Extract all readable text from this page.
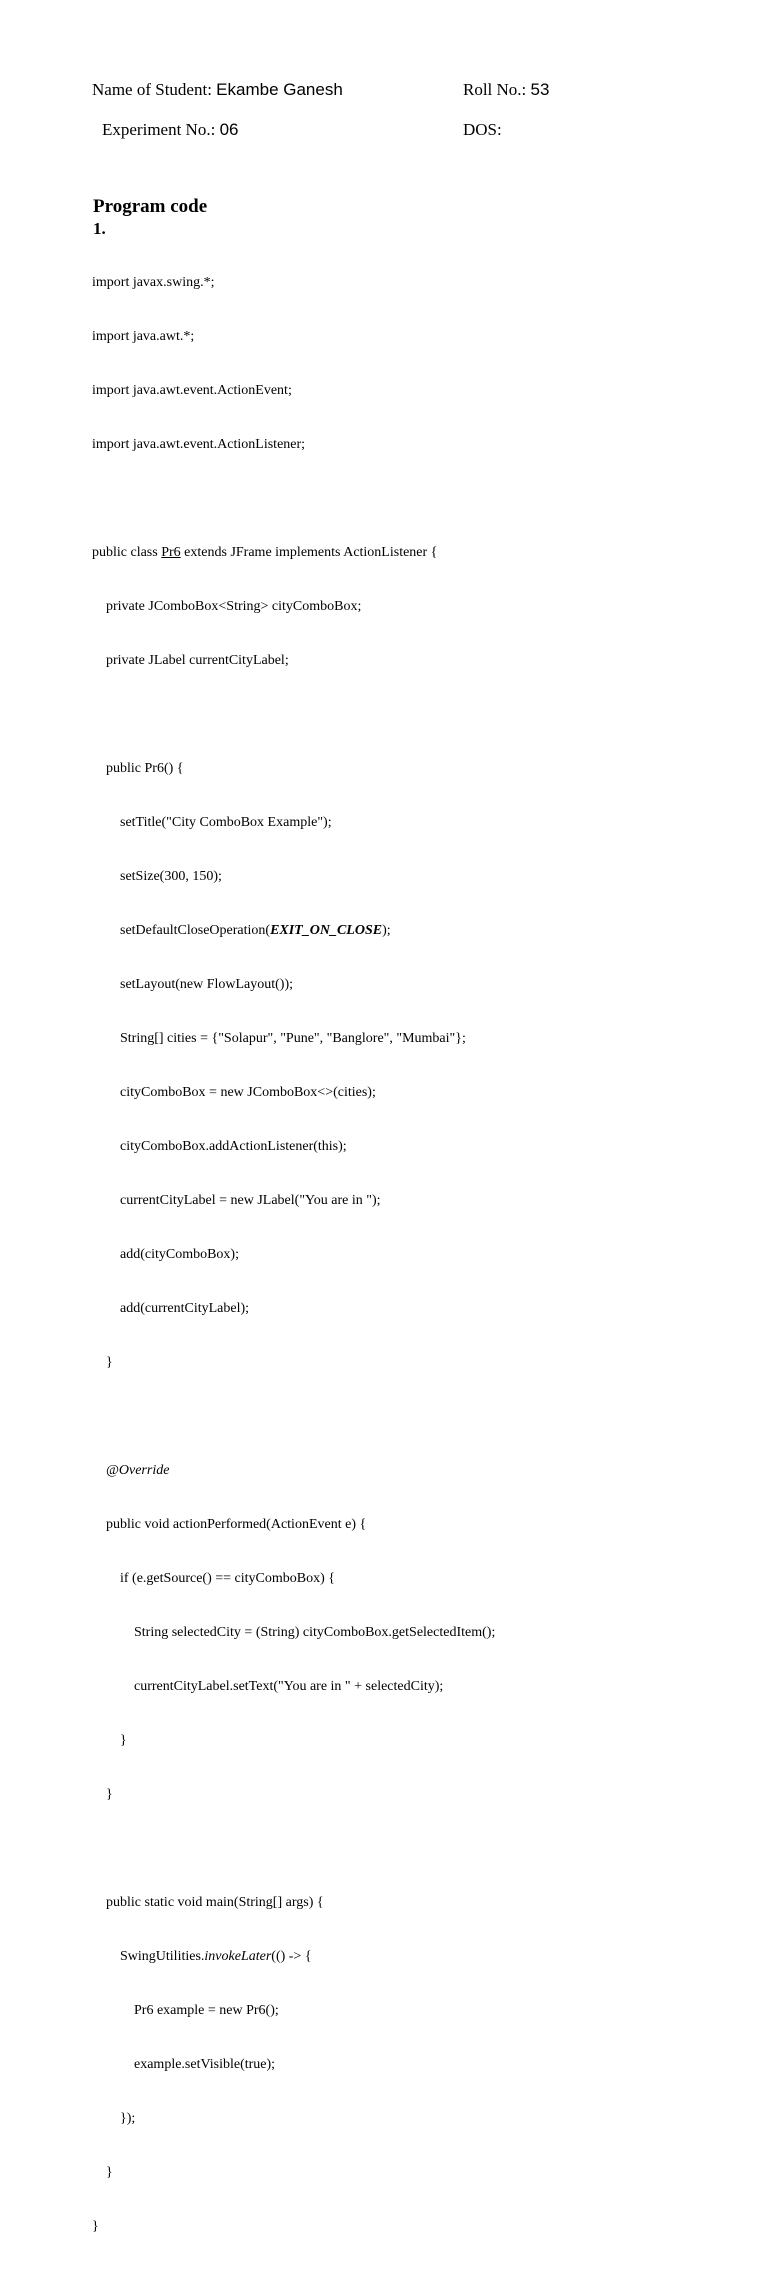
Name of Student: Ekambe Ganesh	Roll No.: 53
Experiment No.: 06	DOS:
Program code
1.

import javax.swing.*;

import java.awt.*;

import java.awt.event.ActionEvent;

import java.awt.event.ActionListener;

public class Pr6 extends JFrame implements ActionListener {

private JComboBox<String> cityComboBox;

private JLabel currentCityLabel;

public Pr6() {

setTitle("City ComboBox Example");

setSize(300, 150);

setDefaultCloseOperation(EXIT_ON_CLOSE);

setLayout(new FlowLayout());

String[] cities = {"Solapur", "Pune", "Banglore", "Mumbai"};

cityComboBox = new JComboBox<>(cities);

cityComboBox.addActionListener(this);

currentCityLabel = new JLabel("You are in ");

add(cityComboBox);

add(currentCityLabel);

}

@Override

public void actionPerformed(ActionEvent e) {

if (e.getSource() == cityComboBox) {

String selectedCity = (String) cityComboBox.getSelectedItem();

currentCityLabel.setText("You are in " + selectedCity);

}

}

public static void main(String[] args) {

SwingUtilities.invokeLater(() -> {

Pr6 example = new Pr6();

example.setVisible(true);

});

}

}
